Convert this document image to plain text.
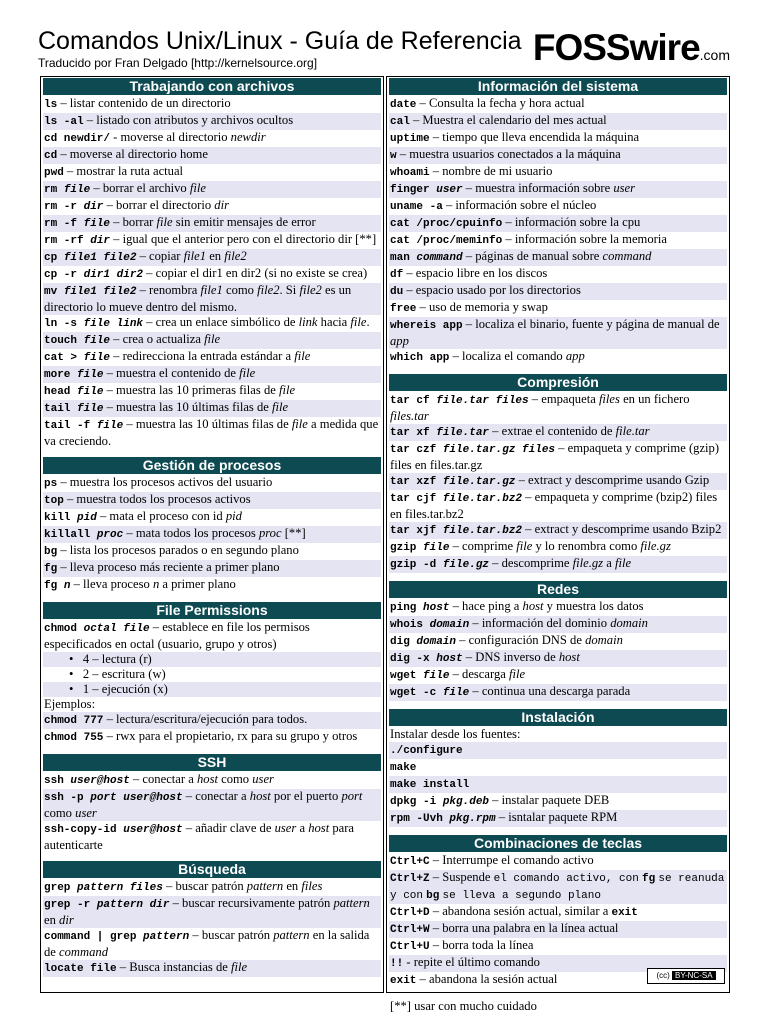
Comandos Unix/Linux - Guía de Referencia
Traducido por Fran Delgado [http://kernelsource.org]	FOSSwire.com
Trabajando con archivos
ls – listar contenido de un directorio
ls -al – listado con atributos y archivos ocultos
cd newdir/ - moverse al directorio newdir
cd – moverse al directorio home
pwd – mostrar la ruta actual
rm file – borrar el archivo file
rm -r dir – borrar el directorio dir
rm -f file – borrar file sin emitir mensajes de error
rm -rf dir – igual que el anterior pero con el directorio dir [**]
cp file1 file2 – copiar file1 en file2
cp -r dir1 dir2 – copiar el dir1 en dir2 (si no existe se crea)
mv file1 file2 – renombra file1 como file2. Si file2 es un directorio lo mueve dentro del mismo.
ln -s file link – crea un enlace simbólico de link hacia file.
touch file – crea o actualiza file
cat > file – redirecciona la entrada estándar a file
more file – muestra el contenido de file
head file – muestra las 10 primeras filas de file
tail file – muestra las 10 últimas filas de file
tail -f file – muestra las 10 últimas filas de file a medida que va creciendo.
Gestión de procesos
ps – muestra los procesos activos del usuario
top – muestra todos los procesos activos
kill pid – mata el proceso con id pid
killall proc – mata todos los procesos proc [**]
bg – lista los procesos parados o en segundo plano
fg – lleva proceso más reciente a primer plano
fg n – lleva proceso n a primer plano
File Permissions
chmod octal file – establece en file los permisos especificados en octal (usuario, grupo y otros)
•   4 – lectura (r)
•   2 – escritura (w)
•   1 – ejecución (x)
Ejemplos:
chmod 777 – lectura/escritura/ejecución para todos.
chmod 755 – rwx para el propietario, rx para su grupo y otros
SSH
ssh user@host – conectar a host como user
ssh -p port user@host – conectar a host por el puerto port como user
ssh-copy-id user@host – añadir clave de user a host para autenticarte
Búsqueda
grep pattern files – buscar patrón pattern en files
grep -r pattern dir – buscar recursivamente patrón pattern en dir
command | grep pattern – buscar patrón pattern en la salida de command
locate file – Busca instancias de file
Información del sistema
date – Consulta la fecha y hora actual
cal – Muestra el calendario del mes actual
uptime – tiempo que lleva encendida la máquina
w – muestra usuarios conectados a la máquina
whoami – nombre de mi usuario
finger user – muestra información sobre user
uname -a – información sobre el núcleo
cat /proc/cpuinfo – información sobre la cpu
cat /proc/meminfo – información sobre la memoria
man command – páginas de manual sobre command
df – espacio libre en los discos
du – espacio usado por los directorios
free – uso de memoria y swap
whereis app – localiza el binario, fuente y página de manual de app
which app – localiza el comando app
Compresión
tar cf file.tar files – empaqueta files en un fichero files.tar
tar xf file.tar – extrae el contenido de file.tar
tar czf file.tar.gz files – empaqueta y comprime (gzip) files en files.tar.gz
tar xzf file.tar.gz – extract y descomprime usando Gzip
tar cjf file.tar.bz2 – empaqueta y comprime (bzip2) files en files.tar.bz2
tar xjf file.tar.bz2 – extract y descomprime usando Bzip2
gzip file – comprime file y lo renombra como file.gz
gzip -d file.gz – descomprime file.gz a file
Redes
ping host – hace ping a host y muestra los datos
whois domain – información del dominio domain
dig domain – configuración DNS de domain
dig -x host – DNS inverso de host
wget file – descarga file
wget -c file – continua una descarga parada
Instalación
Instalar desde los fuentes:
./configure
make
make install
dpkg -i pkg.deb – instalar paquete DEB
rpm -Uvh pkg.rpm – isntalar paquete RPM
Combinaciones de teclas
Ctrl+C – Interrumpe el comando activo
Ctrl+Z – Suspende el comando activo, con fg se reanuda y con bg se lleva a segundo plano
Ctrl+D – abandona sesión actual, similar a exit
Ctrl+W – borra una palabra en la línea actual
Ctrl+U – borra toda la línea
!! - repite el último comando
exit – abandona la sesión actual
[**] usar con mucho cuidado
(cc) BY-NC-SA
